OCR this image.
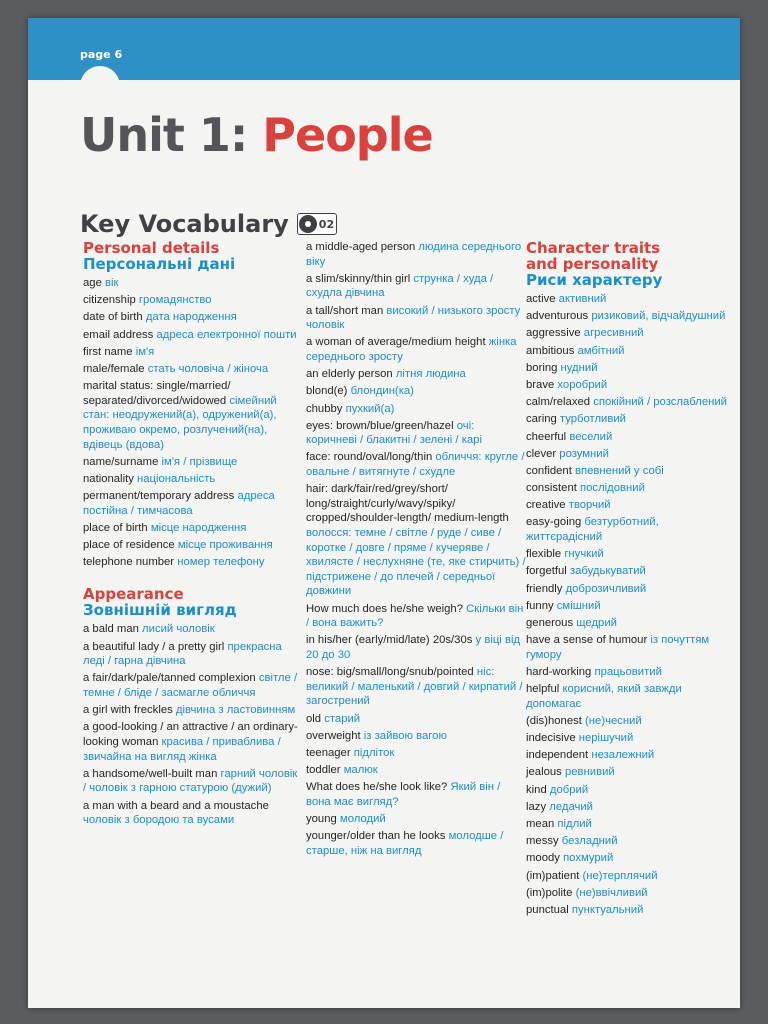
page 6
Unit 1: People
Key Vocabulary	02
Personal details
Персональні дані
age вік
citizenship громадянство
date of birth дата народження
email address адреса електронної пошти
first name ім'я
male/female стать чоловіча / жіноча
marital status: single/married/ separated/divorced/widowed сімейний стан: неодружений(а), одружений(а), проживаю окремо, розлучений(на), вдівець (вдова)
name/surname ім'я / прізвище
nationality національність
permanent/temporary address адреса постійна / тимчасова
place of birth місце народження
place of residence місце проживання
telephone number номер телефону
Appearance
Зовнішній вигляд
a bald man лисий чоловік
a beautiful lady / a pretty girl прекрасна леді / гарна дівчина
a fair/dark/pale/tanned complexion світле / темне / бліде / засмагле обличчя
a girl with freckles дівчина з ластовинням
a good-looking / an attractive / an ordinary-looking woman красива / приваблива / звичайна на вигляд жінка
a handsome/well-built man гарний чоловік / чоловік з гарною статурою (дужий)
a man with a beard and a moustache чоловік з бородою та вусами
a middle-aged person людина середнього віку
a slim/skinny/thin girl струнка / худа / схудла дівчина
a tall/short man високий / низького зросту чоловік
a woman of average/medium height жінка середнього зросту
an elderly person літня людина
blond(e) блондин(ка)
chubby пухкий(а)
eyes: brown/blue/green/hazel очі: коричневі / блакитні / зелені / карі
face: round/oval/long/thin обличчя: кругле / овальне / витягнуте / схудле
hair: dark/fair/red/grey/short/ long/straight/curly/wavy/spiky/ cropped/shoulder-length/ medium-length волосся: темне / світле / руде / сиве / коротке / довге / пряме / кучеряве / хвилясте / неслухняне (те, яке стирчить) / підстрижене / до плечей / середньої довжини
How much does he/she weigh? Скільки він / вона важить?
in his/her (early/mid/late) 20s/30s у віці від 20 до 30
nose: big/small/long/snub/pointed ніс: великий / маленький / довгий / кирпатий / загострений
old старий
overweight із зайвою вагою
teenager підліток
toddler малюк
What does he/she look like? Який він / вона має вигляд?
young молодий
younger/older than he looks молодше / старше, ніж на вигляд
Character traits
and personality
Риси характеру
active активний
adventurous ризиковий, відчайдушний
aggressive агресивний
ambitious амбітний
boring нудний
brave хоробрий
calm/relaxed спокійний / розслаблений
caring турботливий
cheerful веселий
clever розумний
confident впевнений у собі
consistent послідовний
creative творчий
easy-going безтурботний, життєрадісний
flexible гнучкий
forgetful забудькуватий
friendly доброзичливий
funny смішний
generous щедрий
have a sense of humour із почуттям гумору
hard-working працьовитий
helpful корисний, який завжди допомагає
(dis)honest (не)чесний
indecisive нерішучий
independent незалежний
jealous ревнивий
kind добрий
lazy ледачий
mean підлий
messy безладний
moody похмурий
(im)patient (не)терплячий
(im)polite (не)ввічливий
punctual пунктуальний
